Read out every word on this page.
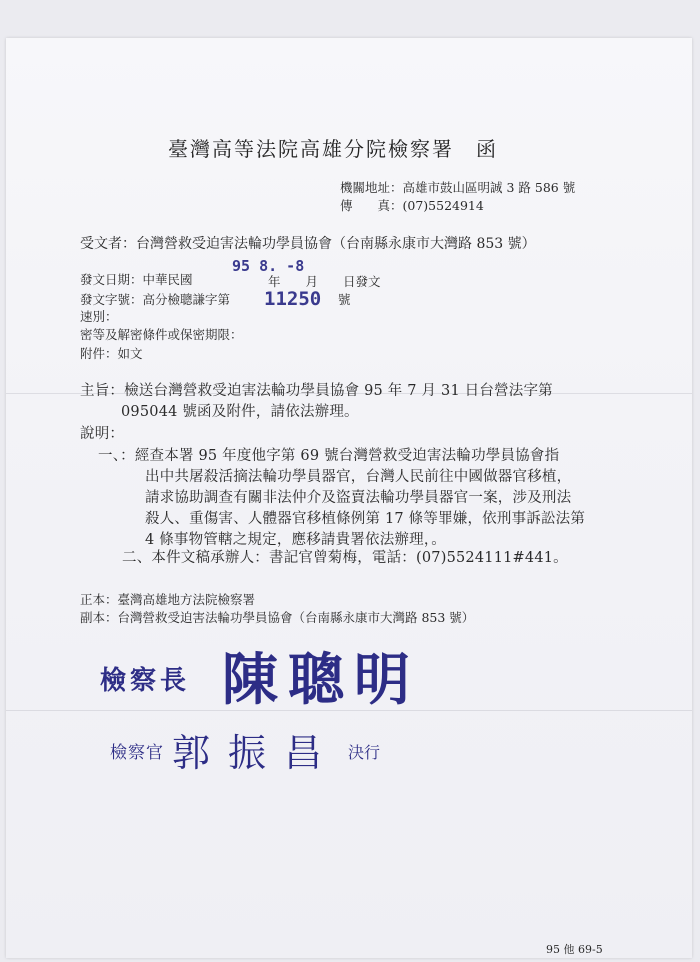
臺灣高等法院高雄分院檢察署　函
機關地址：高雄市鼓山區明誠 3 路 586 號
傳　　真：(07)5524914
受文者：台灣營救受迫害法輪功學員協會（台南縣永康市大灣路 853 號）
發文日期：中華民國	年　　月　　日發文
95 8. -8
發文字號：高分檢聰謙字第	號
11250
速別：
密等及解密條件或保密期限：
附件：如文
主旨：檢送台灣營救受迫害法輪功學員協會 95 年 7 月 31 日台營法字第
095044 號函及附件，請依法辦理。
說明：
一、：經查本署 95 年度他字第 69 號台灣營救受迫害法輪功學員協會指
出中共屠殺活摘法輪功學員器官，台灣人民前往中國做器官移植，
請求協助調查有關非法仲介及盜賣法輪功學員器官一案，涉及刑法
殺人、重傷害、人體器官移植條例第 17 條等罪嫌，依刑事訴訟法第
4 條事物管轄之規定，應移請貴署依法辦理，。
二、本件文稿承辦人：書記官曾菊梅，電話：(07)5524111#441。
正本：臺灣高雄地方法院檢察署
副本：台灣營救受迫害法輪功學員協會（台南縣永康市大灣路 853 號）
檢察長 陳聰明
檢察官 郭振昌 決行
95 他 69-5
